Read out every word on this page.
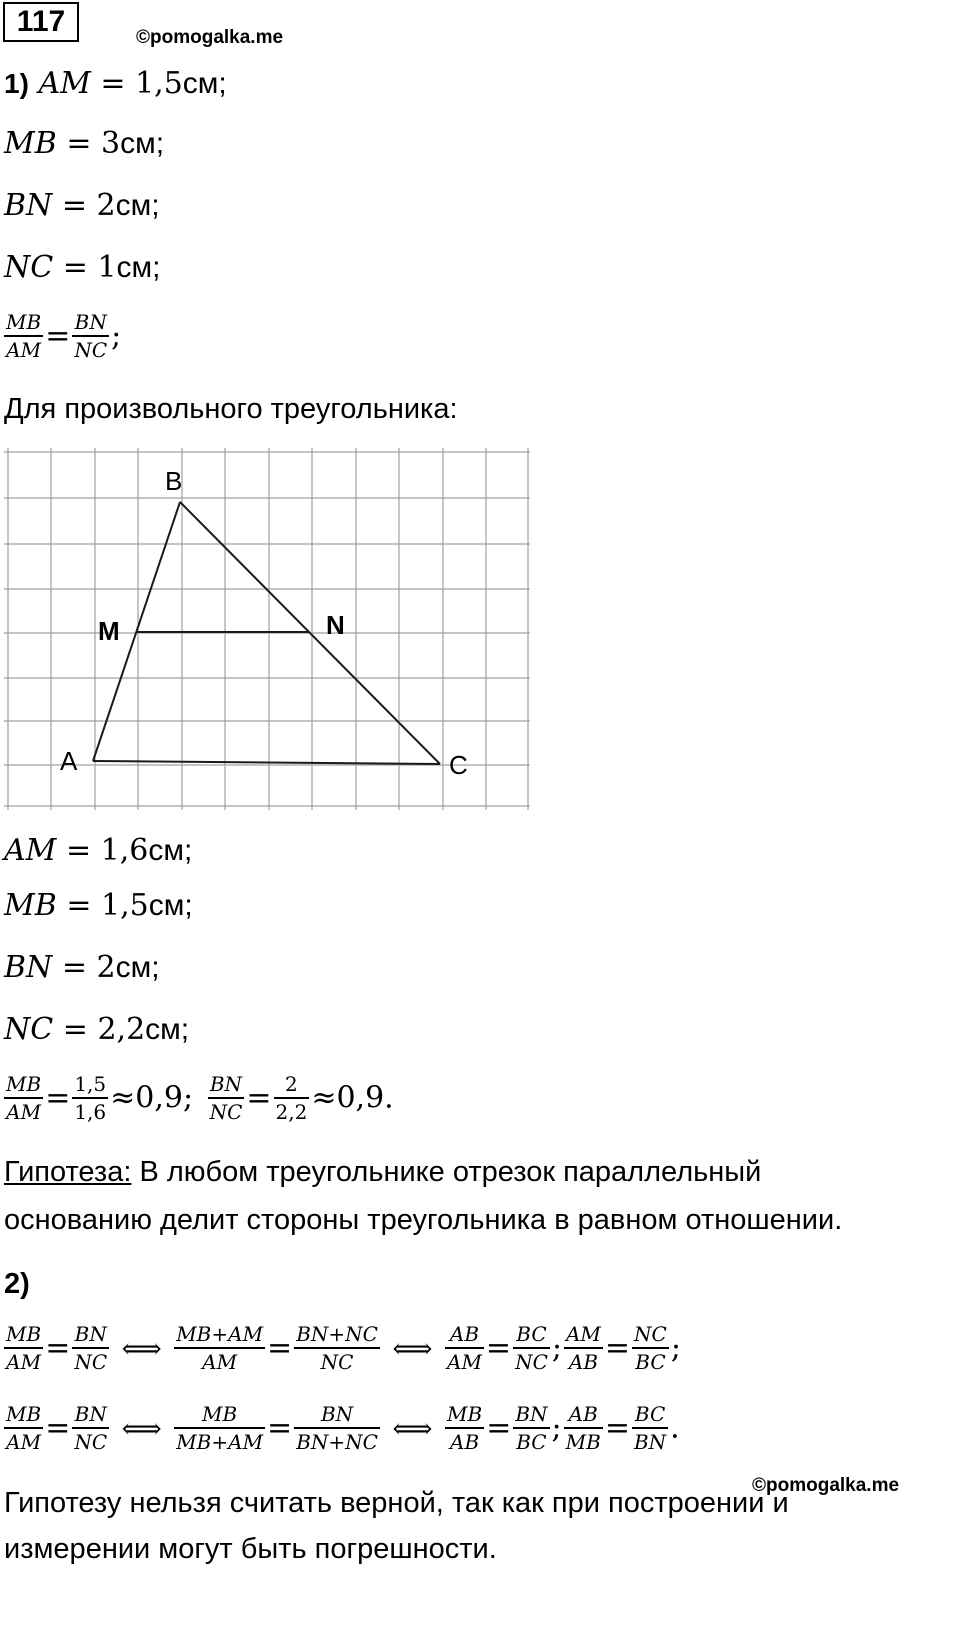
117	©pomogalka.me
1) AM = 1,5см;
MB = 3см;
BN = 2см;
NC = 1см;
$\frac{MB}{AM} = \frac{BN}{NC}$ ;
Для произвольного треугольника:
B
M	N
A	C
AM = 1,6см;
MB = 1,5см;
BN = 2см;
NC = 2,2см;
$\frac{MB}{AM} = \frac{1,5}{1,6} \approx 0,9$; $\frac{BN}{NC} = \frac{2}{2,2} \approx 0,9$.
Гипотеза: В любом треугольнике отрезок параллельный
основанию делит стороны треугольника в равном отношении.
2)
$\frac{MB}{AM} = \frac{BN}{NC}$ ⟺ $\frac{MB+AM}{AM} = \frac{BN+NC}{NC}$ ⟺ $\frac{AB}{AM} = \frac{BC}{NC}$ ; $\frac{AM}{AB} = \frac{NC}{BC}$ ;
$\frac{MB}{AM} = \frac{BN}{NC}$ ⟺ $\frac{MB}{MB+AM} = \frac{BN}{BN+NC}$ ⟺ $\frac{MB}{AB} = \frac{BN}{BC}$ ; $\frac{AB}{MB} = \frac{BC}{BN}$ .
©pomogalka.me
Гипотезу нельзя считать верной, так как при построении и
измерении могут быть погрешности.
